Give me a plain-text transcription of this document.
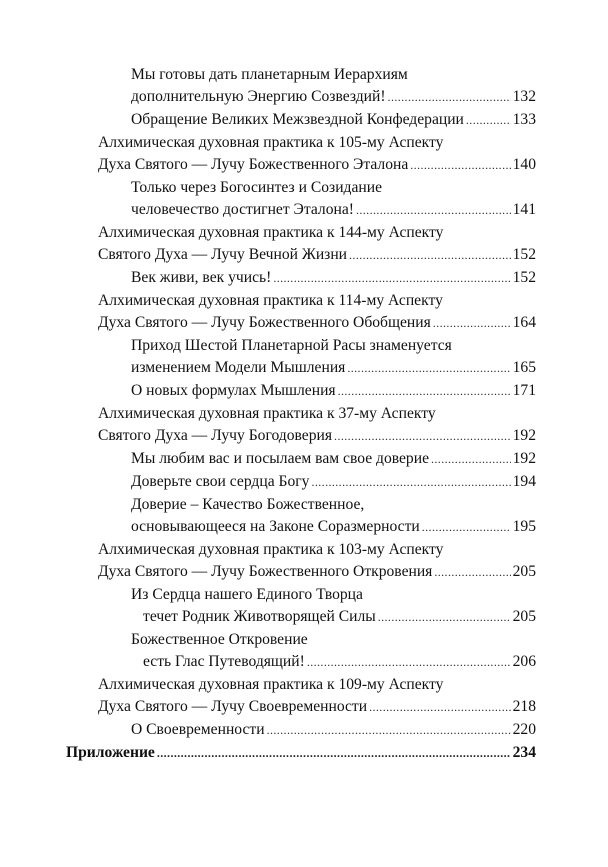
Мы готовы дать планетарным Иерархиям
дополнительную Энергию Созвездий! .....	132
Обращение Великих Межзвездной Конфедерации .....	133
Алхимическая духовная практика к 105-му Аспекту
Духа Святого — Лучу Божественного Эталона .....	140
Только через Богосинтез и Созидание
человечество достигнет Эталона! .....	141
Алхимическая духовная практика к 144-му Аспекту
Святого Духа — Лучу Вечной Жизни .....	152
Век живи, век учись! .....	152
Алхимическая духовная практика к 114-му Аспекту
Духа Святого — Лучу Божественного Обобщения .....	164
Приход Шестой Планетарной Расы знаменуется
изменением Модели Мышления .....	165
О новых формулах Мышления .....	171
Алхимическая духовная практика к 37-му Аспекту
Святого Духа — Лучу Богодоверия .....	192
Мы любим вас и посылаем вам свое доверие .....	192
Доверьте свои сердца Богу .....	194
Доверие – Качество Божественное,
основывающееся на Законе Соразмерности .....	195
Алхимическая духовная практика к 103-му Аспекту
Духа Святого — Лучу Божественного Откровения .....	205
Из Сердца нашего Единого Творца
течет Родник Животворящей Силы .....	205
Божественное Откровение
есть Глас Путеводящий! .....	206
Алхимическая духовная практика к 109-му Аспекту
Духа Святого — Лучу Своевременности .....	218
О Своевременности .....	220
Приложение .....	234
